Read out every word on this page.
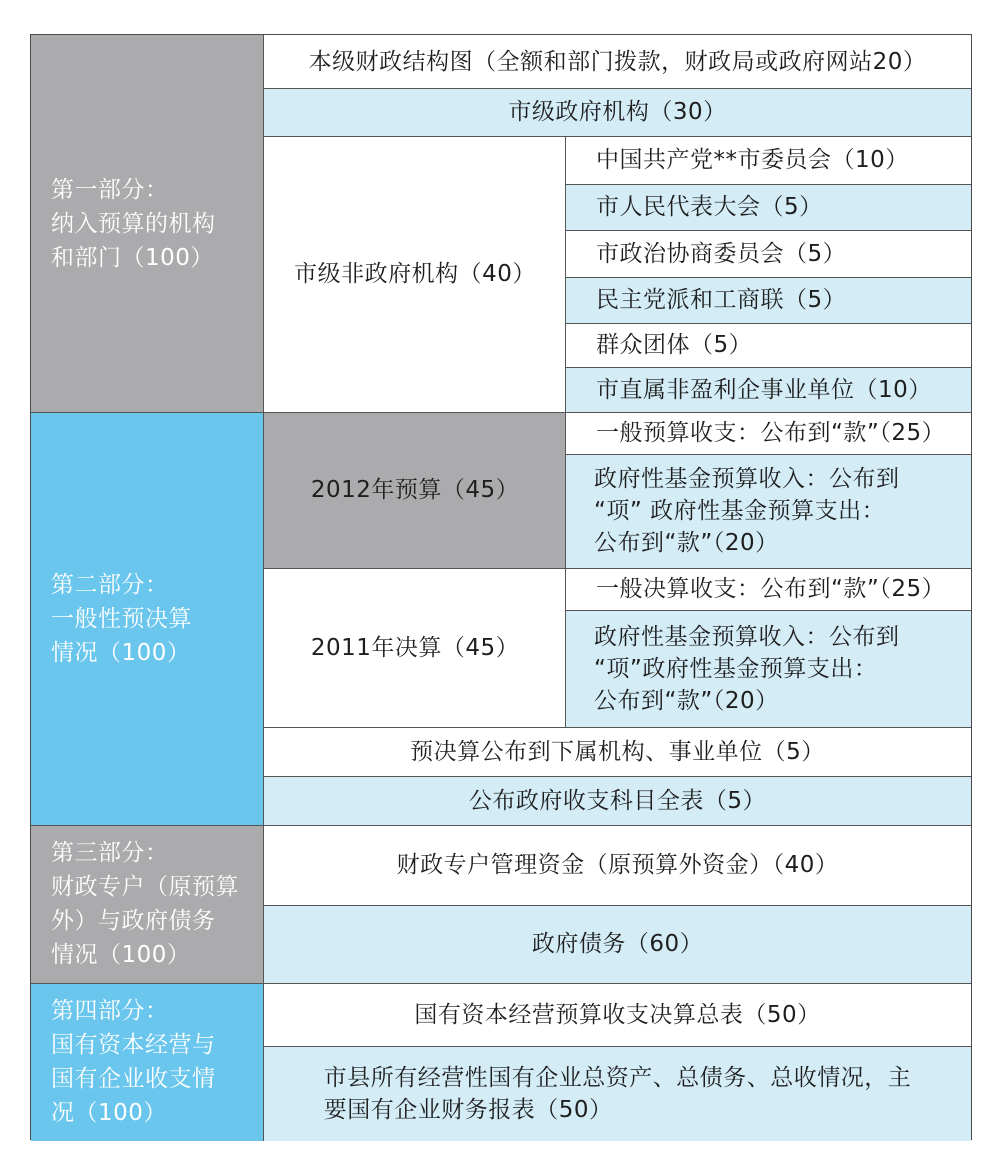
第一部分：
纳入预算的机构
和部门（100）
第二部分：
一般性预决算
情况（100）
第三部分：
财政专户（原预算
外）与政府债务
情况（100）
第四部分：
国有资本经营与
国有企业收支情
况（100）
本级财政结构图（全额和部门拨款，财政局或政府网站20）
市级政府机构（30）
市级非政府机构（40）
中国共产党**市委员会（10）
市人民代表大会（5）
市政治协商委员会（5）
民主党派和工商联（5）
群众团体（5）
市直属非盈利企事业单位（10）
2012年预算（45）
一般预算收支：公布到“款”（25）
政府性基金预算收入：公布到
“项” 政府性基金预算支出：
公布到“款”（20）
2011年决算（45）
一般决算收支：公布到“款”（25）
政府性基金预算收入：公布到
“项”政府性基金预算支出：
公布到“款”（20）
预决算公布到下属机构、事业单位（5）
公布政府收支科目全表（5）
财政专户管理资金（原预算外资金）（40）
政府债务（60）
国有资本经营预算收支决算总表（50）
市县所有经营性国有企业总资产、总债务、总收情况，主
要国有企业财务报表（50）
